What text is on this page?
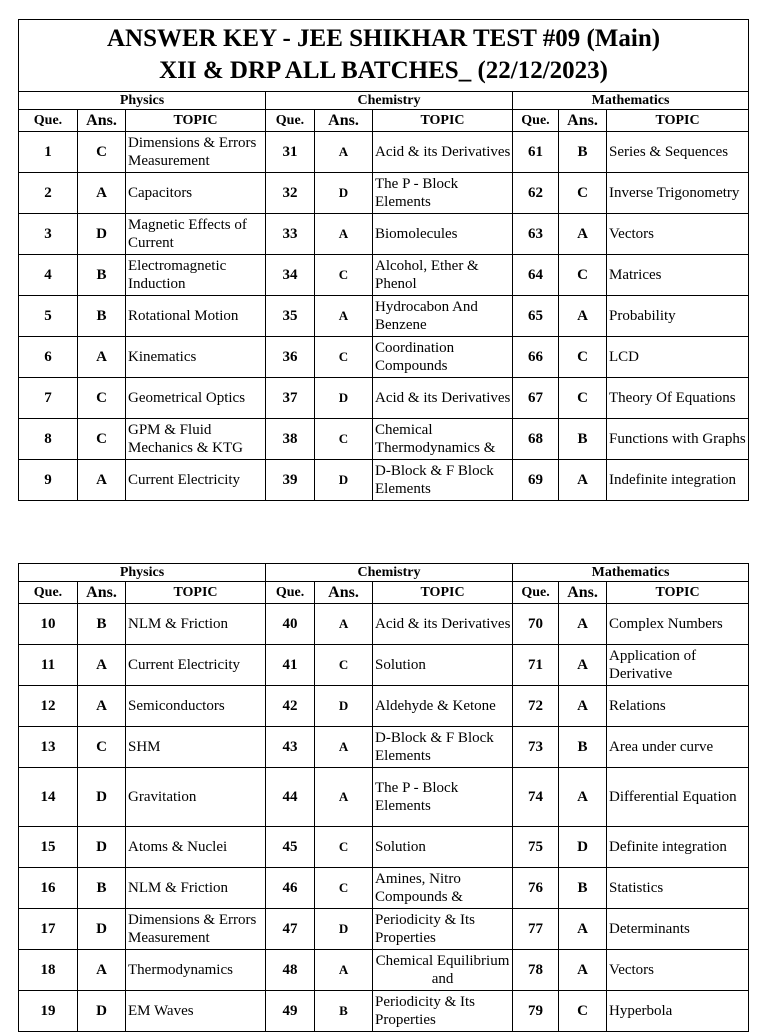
ANSWER KEY - JEE SHIKHAR TEST #09 (Main)
XII & DRP ALL BATCHES_ (22/12/2023)								

Physics			Chemistry			Mathematics		
Que.	Ans.	TOPIC	Que.	Ans.	TOPIC	Que.	Ans.	TOPIC
1	C	Dimensions & Errors Measurement	31	A	Acid & its Derivatives	61	B	Series & Sequences
2	A	Capacitors	32	D	The P - Block Elements	62	C	Inverse Trigonometry
3	D	Magnetic Effects of Current	33	A	Biomolecules	63	A	Vectors
4	B	Electromagnetic Induction	34	C	Alcohol, Ether & Phenol	64	C	Matrices
5	B	Rotational Motion	35	A	Hydrocabon And Benzene	65	A	Probability
6	A	Kinematics	36	C	Coordination Compounds	66	C	LCD
7	C	Geometrical Optics	37	D	Acid & its Derivatives	67	C	Theory Of Equations
8	C	GPM & Fluid Mechanics & KTG	38	C	Chemical Thermodynamics &	68	B	Functions with Graphs
9	A	Current Electricity	39	D	D-Block & F Block Elements	69	A	Indefinite integration
Physics			Chemistry			Mathematics		
Que.	Ans.	TOPIC	Que.	Ans.	TOPIC	Que.	Ans.	TOPIC
10	B	NLM & Friction	40	A	Acid & its Derivatives	70	A	Complex Numbers
11	A	Current Electricity	41	C	Solution	71	A	Application of Derivative
12	A	Semiconductors	42	D	Aldehyde & Ketone	72	A	Relations
13	C	SHM	43	A	D-Block & F Block Elements	73	B	Area under curve
14	D	Gravitation	44	A	The P - Block Elements	74	A	Differential Equation
15	D	Atoms & Nuclei	45	C	Solution	75	D	Definite integration
16	B	NLM & Friction	46	C	Amines, Nitro Compounds &	76	B	Statistics
17	D	Dimensions & Errors Measurement	47	D	Periodicity & Its Properties	77	A	Determinants
18	A	Thermodynamics	48	A	Chemical Equilibrium and	78	A	Vectors
19	D	EM Waves	49	B	Periodicity & Its Properties	79	C	Hyperbola
